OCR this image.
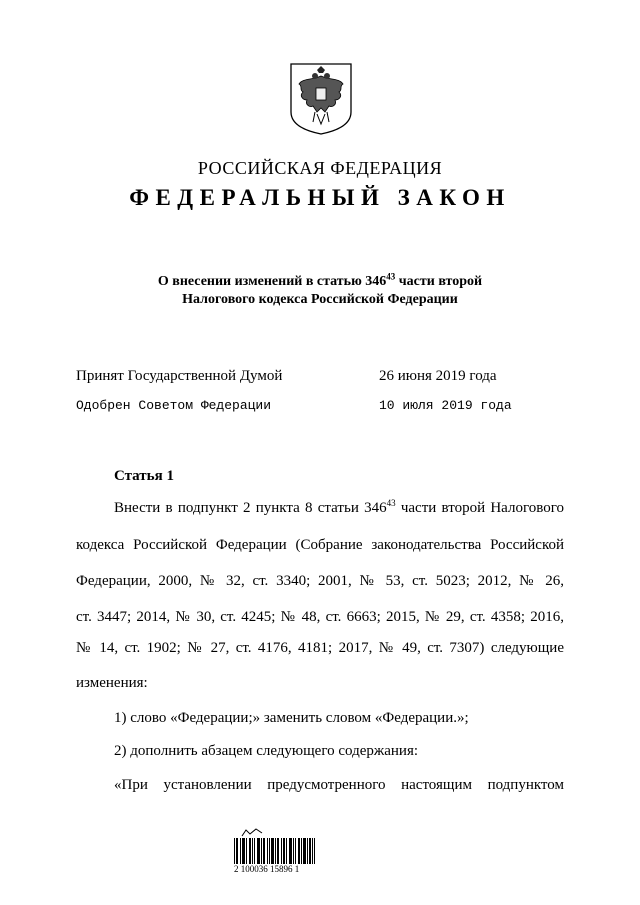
РОССИЙСКАЯ ФЕДЕРАЦИЯ
ФЕДЕРАЛЬНЫЙ ЗАКОН
О внесении изменений в статью $346^{43}$ части второй
Налогового кодекса Российской Федерации
Принят Государственной Думой	26 июня 2019 года
Одобрен Советом Федерации	10 июля 2019 года
Статья 1
Внести в подпункт 2 пункта 8 статьи $346^{43}$ части второй Налогового
кодекса Российской Федерации (Собрание законодательства Российской
Федерации, 2000, № 32, ст. 3340; 2001, № 53, ст. 5023; 2012, № 26,
ст. 3447; 2014, № 30, ст. 4245; № 48, ст. 6663; 2015, № 29, ст. 4358; 2016,
№ 14, ст. 1902; № 27, ст. 4176, 4181; 2017, № 49, ст. 7307) следующие
изменения:
1) слово «Федерации;» заменить словом «Федерации.»;
2) дополнить абзацем следующего содержания:
«При установлении предусмотренного настоящим подпунктом
2 100036 15896 1
